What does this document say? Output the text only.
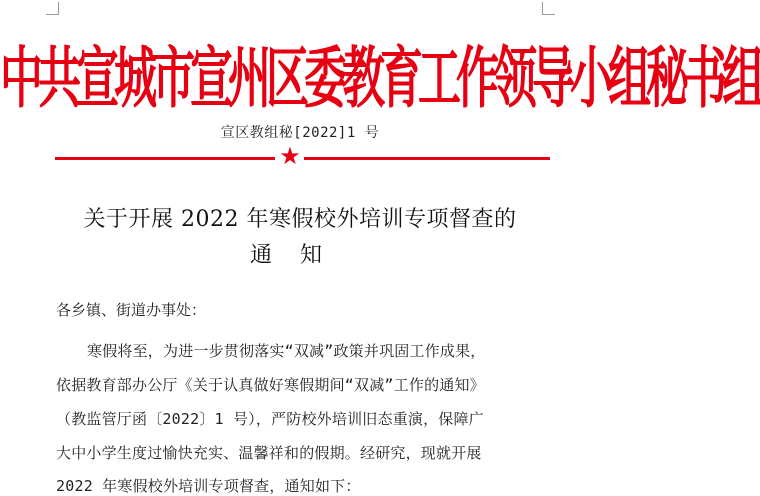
中共宣城市宣州区委教育工作领导小组秘书组
宣区教组秘[2022]1 号
★
关于开展 2022 年寒假校外培训专项督查的
通知
各乡镇、街道办事处：
寒假将至，为进一步贯彻落实“双减”政策并巩固工作成果，
依据教育部办公厅《关于认真做好寒假期间“双减”工作的通知》
（教监管厅函〔2022〕1 号），严防校外培训旧态重演，保障广
大中小学生度过愉快充实、温馨祥和的假期。经研究，现就开展
2022 年寒假校外培训专项督查，通知如下：
